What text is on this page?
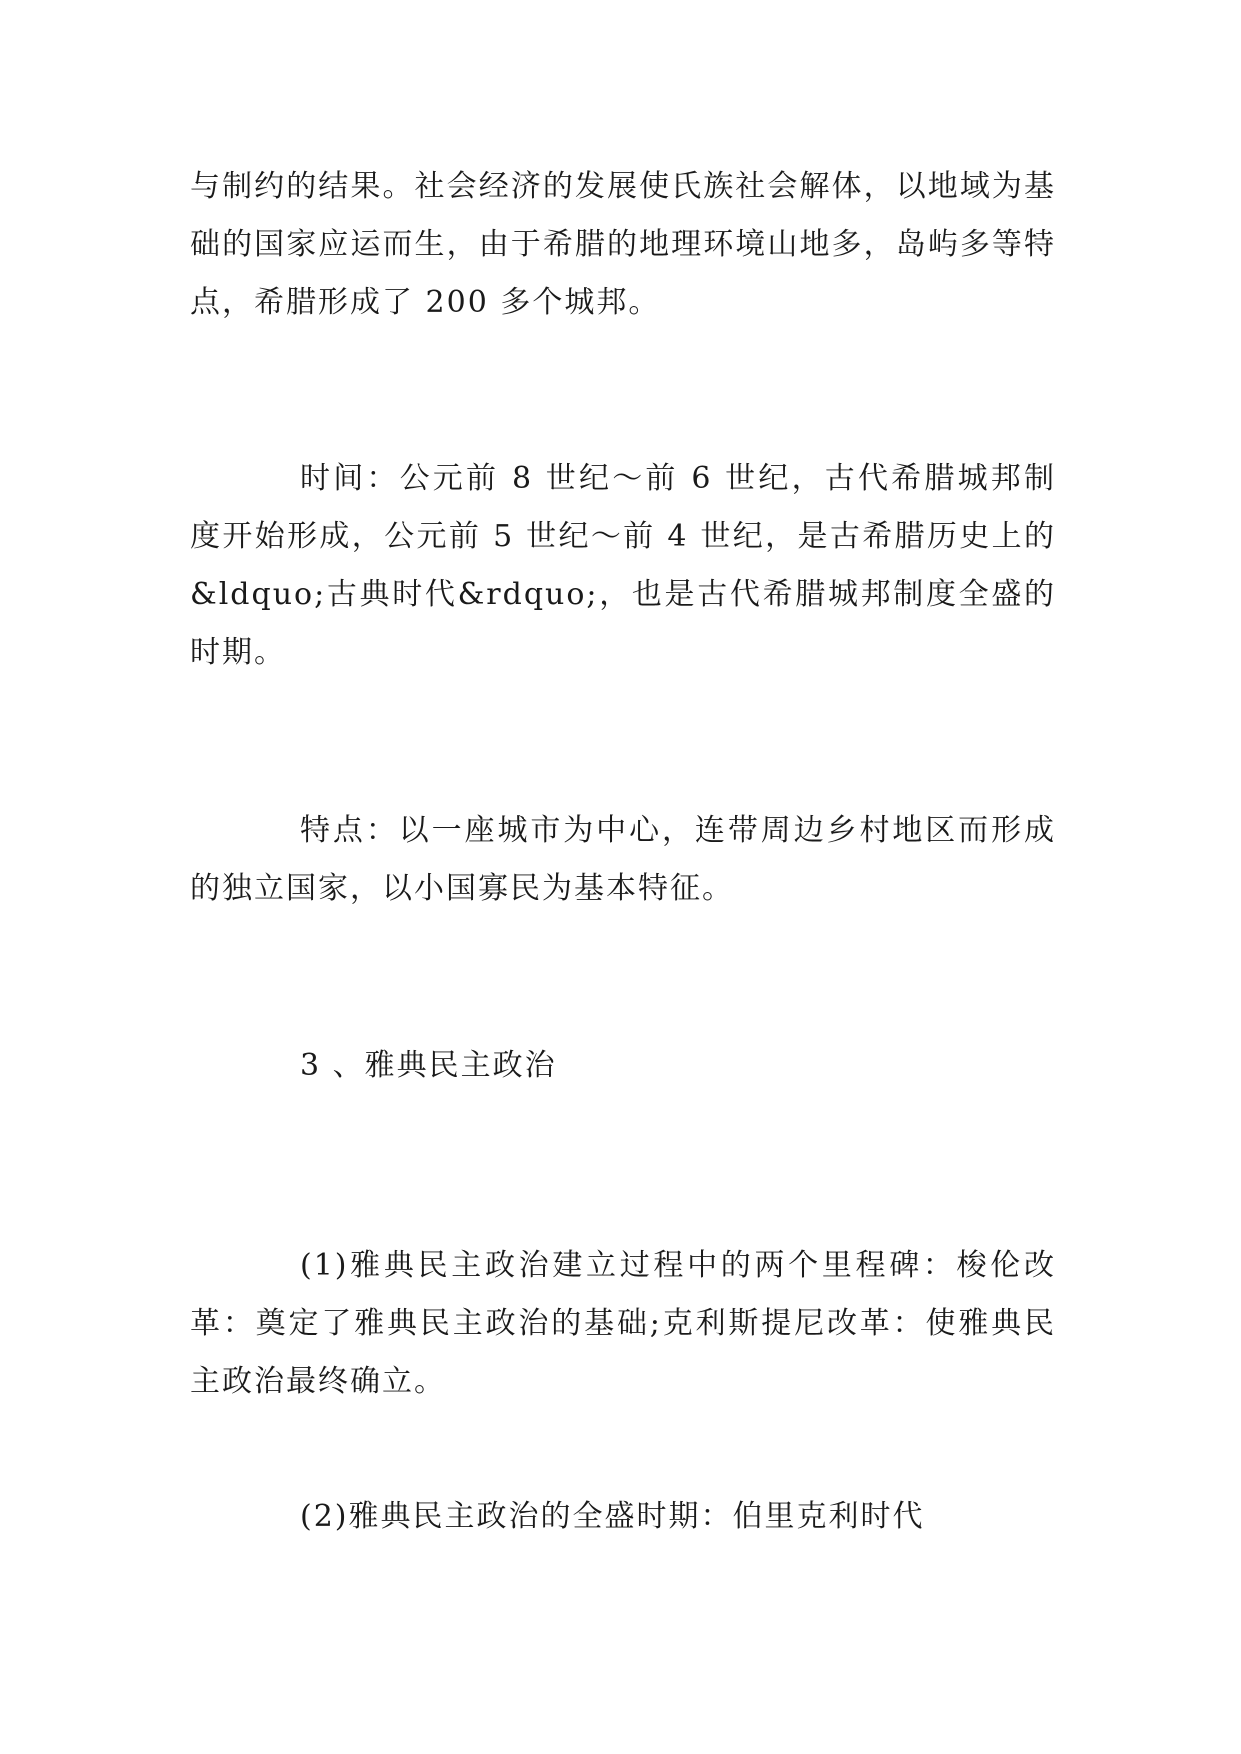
与制约的结果。社会经济的发展使氏族社会解体，以地域为基础的国家应运而生，由于希腊的地理环境山地多，岛屿多等特点，希腊形成了 200 多个城邦。

时间：公元前 8 世纪～前 6 世纪，古代希腊城邦制度开始形成，公元前 5 世纪～前 4 世纪，是古希腊历史上的&ldquo;古典时代&rdquo;，也是古代希腊城邦制度全盛的时期。

特点：以一座城市为中心，连带周边乡村地区而形成的独立国家，以小国寡民为基本特征。

3 、雅典民主政治

(1)雅典民主政治建立过程中的两个里程碑：梭伦改革：奠定了雅典民主政治的基础;克利斯提尼改革：使雅典民主政治最终确立。

(2)雅典民主政治的全盛时期：伯里克利时代
